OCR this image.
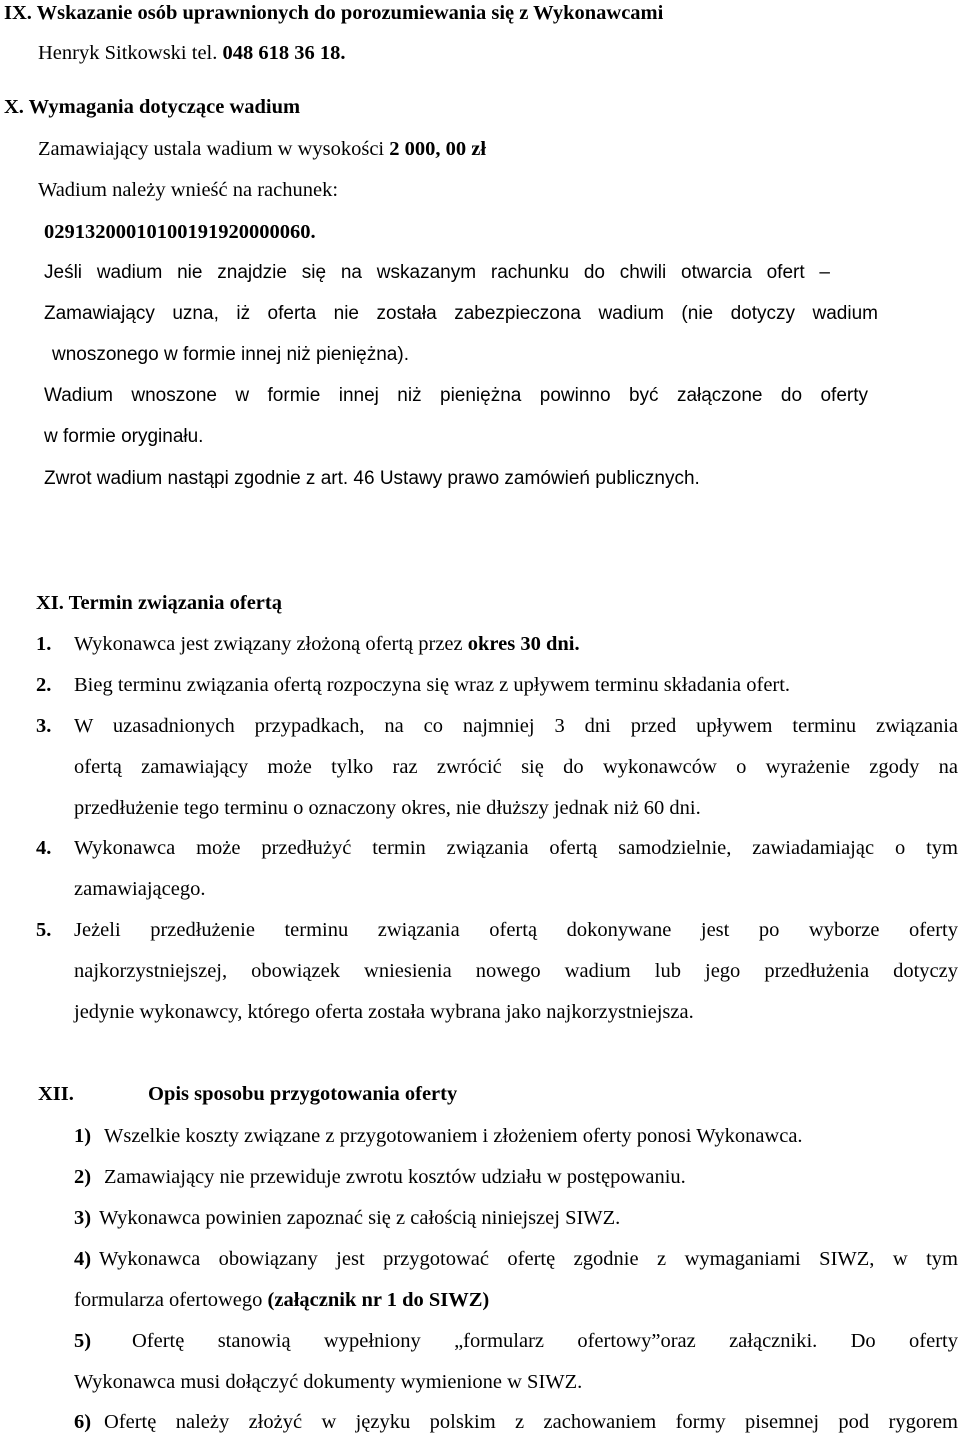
IX. Wskazanie osób uprawnionych do porozumiewania się z Wykonawcami
Henryk Sitkowski tel. 048 618 36 18.
X. Wymagania dotyczące wadium
Zamawiający ustala wadium w wysokości 2 000, 00 zł
Wadium należy wnieść na rachunek:
02913200010100191920000060.
Jeśli wadium nie znajdzie się na wskazanym rachunku do chwili otwarcia ofert –
Zamawiający uzna, iż oferta nie została zabezpieczona wadium (nie dotyczy wadium
wnoszonego w formie innej niż pieniężna).
Wadium wnoszone w formie innej niż pieniężna powinno być załączone do oferty
w formie oryginału.
Zwrot wadium nastąpi zgodnie z art. 46 Ustawy prawo zamówień publicznych.
XI. Termin związania ofertą
1. Wykonawca jest związany złożoną ofertą przez okres 30 dni.
2. Bieg terminu związania ofertą rozpoczyna się wraz z upływem terminu składania ofert.
3. W uzasadnionych przypadkach, na co najmniej 3 dni przed upływem terminu związania
ofertą zamawiający może tylko raz zwrócić się do wykonawców o wyrażenie zgody na
przedłużenie tego terminu o oznaczony okres, nie dłuższy jednak niż 60 dni.
4. Wykonawca może przedłużyć termin związania ofertą samodzielnie, zawiadamiając o tym
zamawiającego.
5. Jeżeli przedłużenie terminu związania ofertą dokonywane jest po wyborze oferty
najkorzystniejszej, obowiązek wniesienia nowego wadium lub jego przedłużenia dotyczy
jedynie wykonawcy, którego oferta została wybrana jako najkorzystniejsza.
XII.	Opis sposobu przygotowania oferty
1) Wszelkie koszty związane z przygotowaniem i złożeniem oferty ponosi Wykonawca.
2) Zamawiający nie przewiduje zwrotu kosztów udziału w postępowaniu.
3) Wykonawca powinien zapoznać się z całością niniejszej SIWZ.
4) Wykonawca obowiązany jest przygotować ofertę zgodnie z wymaganiami SIWZ, w tym
formularza ofertowego (załącznik nr 1 do SIWZ)
5) Ofertę stanowią wypełniony „formularz ofertowy”oraz załączniki. Do oferty
Wykonawca musi dołączyć dokumenty wymienione w SIWZ.
6) Ofertę należy złożyć w języku polskim z zachowaniem formy pisemnej pod rygorem
